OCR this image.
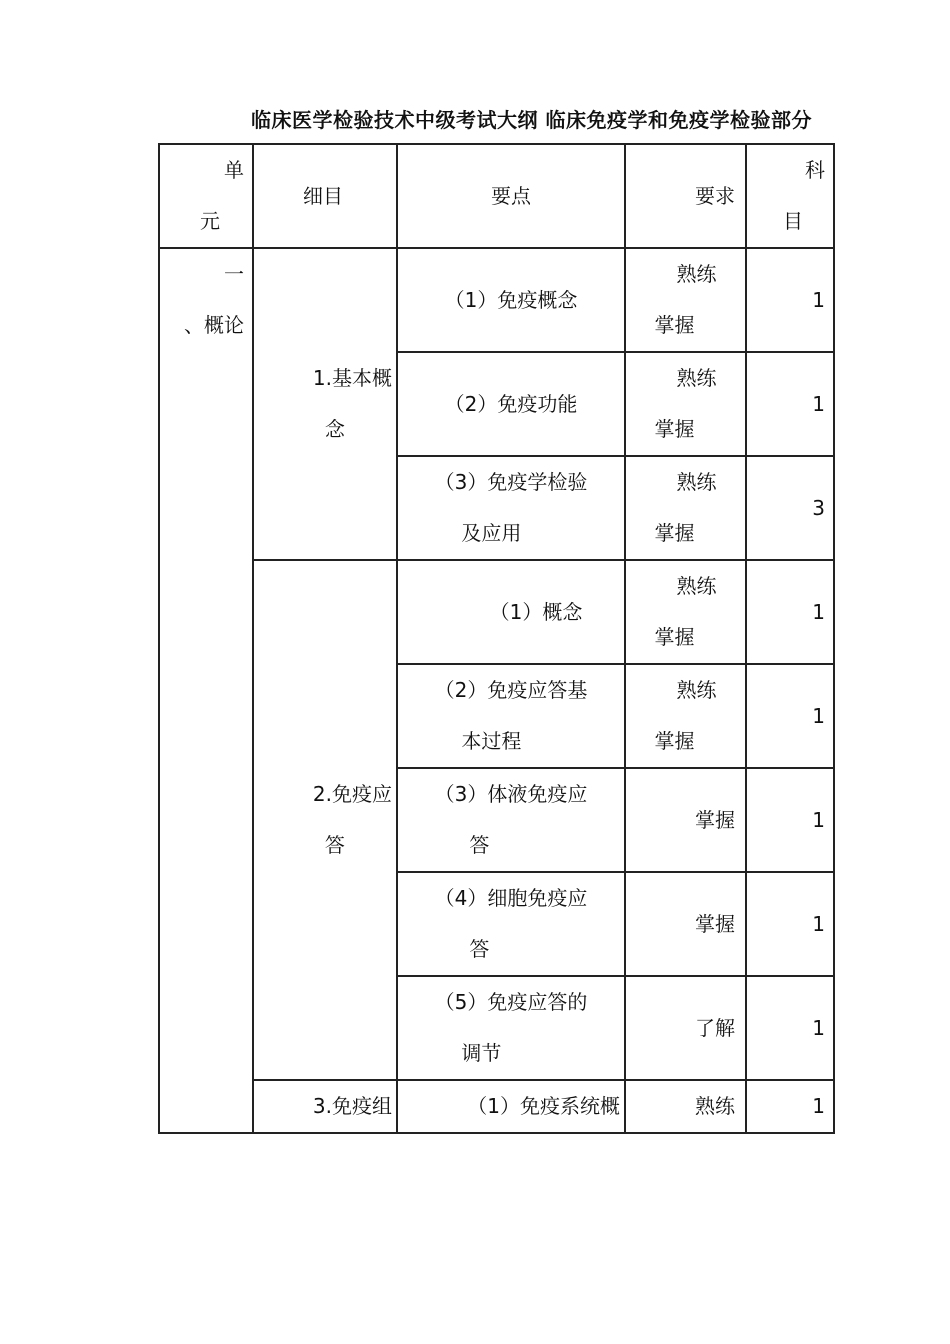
临床医学检验技术中级考试大纲 临床免疫学和免疫学检验部分
单
元	细目	要点	要求	科
目
一
、概论	1.基本概
念	（1）免疫概念	熟练
掌握	1
		（2）免疫功能	熟练
掌握	1
		（3）免疫学检验
及应用	熟练
掌握	3
	2.免疫应
答	（1）概念	熟练
掌握	1
		（2）免疫应答基
本过程	熟练
掌握	1
		（3）体液免疫应
答	掌握	1
		（4）细胞免疫应
答	掌握	1
		（5）免疫应答的
调节	了解	1
	3.免疫组	（1）免疫系统概	熟练	1
